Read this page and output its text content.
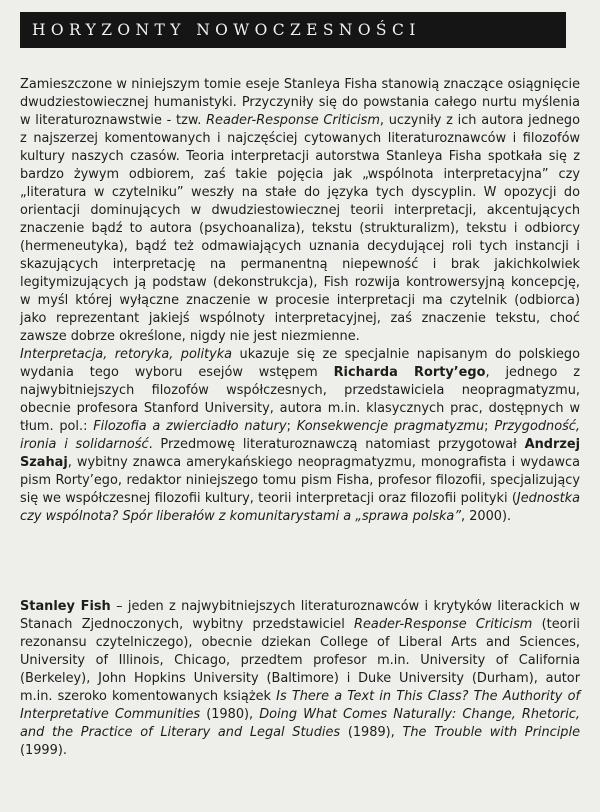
HORYZONTY NOWOCZESNOŚCI

Zamieszczone w niniejszym tomie eseje Stanleya Fisha stanowią znaczące osiągnięcie dwudziestowiecznej humanistyki. Przyczyniły się do powstania całego nurtu myślenia w literaturoznawstwie - tzw. Reader-Response Criticism, uczyniły z ich autora jednego z najszerzej komentowanych i najczęściej cytowanych literaturoznawców i filozofów kultury naszych czasów. Teoria interpretacji autorstwa Stanleya Fisha spotkała się z bardzo żywym odbiorem, zaś takie pojęcia jak „wspólnota interpretacyjna” czy „literatura w czytelniku” weszły na stałe do języka tych dyscyplin. W opozycji do orientacji dominujących w dwudziestowiecznej teorii interpretacji, akcentujących znaczenie bądź to autora (psychoanaliza), tekstu (strukturalizm), tekstu i odbiorcy (hermeneutyka), bądź też odmawiających uznania decydującej roli tych instancji i skazujących interpretację na permanentną niepewność i brak jakichkolwiek legitymizujących ją podstaw (dekonstrukcja), Fish rozwija kontrowersyjną koncepcję, w myśl której wyłączne znaczenie w procesie interpretacji ma czytelnik (odbiorca) jako reprezentant jakiejś wspólnoty interpretacyjnej, zaś znaczenie tekstu, choć zawsze dobrze określone, nigdy nie jest niezmienne.
Interpretacja, retoryka, polityka ukazuje się ze specjalnie napisanym do polskiego wydania tego wyboru esejów wstępem Richarda Rorty’ego, jednego z najwybitniejszych filozofów współczesnych, przedstawiciela neopragmatyzmu, obecnie profesora Stanford University, autora m.in. klasycznych prac, dostępnych w tłum. pol.: Filozofia a zwierciadło natury; Konsekwencje pragmatyzmu; Przygodność, ironia i solidarność. Przedmowę literaturoznawczą natomiast przygotował Andrzej Szahaj, wybitny znawca amerykańskiego neopragmatyzmu, monografista i wydawca pism Rorty’ego, redaktor niniejszego tomu pism Fisha, profesor filozofii, specjalizujący się we współczesnej filozofii kultury, teorii interpretacji oraz filozofii polityki (Jednostka czy wspólnota? Spór liberałów z komunitarystami a „sprawa polska”, 2000).

Stanley Fish – jeden z najwybitniejszych literaturoznawców i krytyków literackich w Stanach Zjednoczonych, wybitny przedstawiciel Reader-Response Criticism (teorii rezonansu czytelniczego), obecnie dziekan College of Liberal Arts and Sciences, University of Illinois, Chicago, przedtem profesor m.in. University of California (Berkeley), John Hopkins University (Baltimore) i Duke University (Durham), autor m.in. szeroko komentowanych książek Is There a Text in This Class? The Authority of Interpretative Communities (1980), Doing What Comes Naturally: Change, Rhetoric, and the Practice of Literary and Legal Studies (1989), The Trouble with Principle (1999).
